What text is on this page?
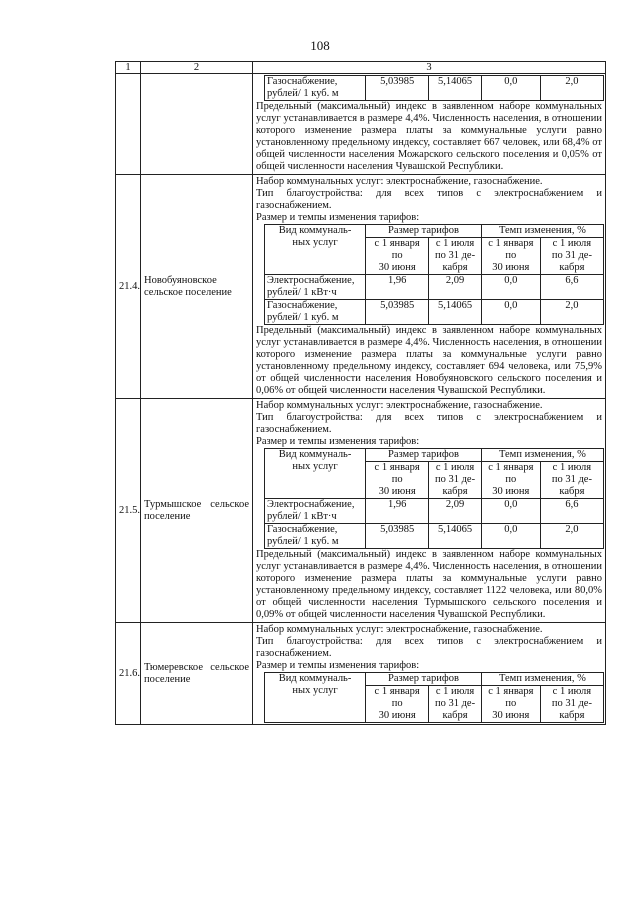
108
1	2	3

Газоснабжение,
рублей/ 1 куб. м	5,03985	5,14065	0,0	2,0

Предельный (максимальный) индекс в заявленном наборе коммунальных услуг устанавливается в размере 4,4%. Численность населения, в отношении которого изменение размера платы за коммунальные услуги равно установленному предельному индексу, составляет 667 человек, или 68,4% от общей численности населения Можарского сельского поселения и 0,05% от общей численности населения Чувашской Республики.

21.4.	Новобуяновское сельское поселение	

Набор коммунальных услуг: электроснабжение, газоснабжение.

Тип благоустройства: для всех типов с электроснабжением и газоснабжением.

Размер и темпы изменения тарифов:

Вид коммуналь-
ных услуг	Размер тарифов	Темп изменения, %
с 1 января
по
30 июня	с 1 июля
по 31 де-
кабря	с 1 января
по
30 июня	с 1 июля
по 31 де-
кабря
Электроснабжение,
рублей/ 1 кВт·ч	1,96	2,09	0,0	6,6
Газоснабжение,
рублей/ 1 куб. м	5,03985	5,14065	0,0	2,0

Предельный (максимальный) индекс в заявленном наборе коммунальных услуг устанавливается в размере 4,4%. Численность населения, в отношении которого изменение размера платы за коммунальные услуги равно установленному предельному индексу, составляет 694 человека, или 75,9% от общей численности населения Новобуяновского сельского поселения и 0,06% от общей численности населения Чувашской Республики.

21.5.	Турмышское сельское поселение	

Набор коммунальных услуг: электроснабжение, газоснабжение.

Тип благоустройства: для всех типов с электроснабжением и газоснабжением.

Размер и темпы изменения тарифов:

Вид коммуналь-
ных услуг	Размер тарифов	Темп изменения, %
с 1 января
по
30 июня	с 1 июля
по 31 де-
кабря	с 1 января
по
30 июня	с 1 июля
по 31 де-
кабря
Электроснабжение,
рублей/ 1 кВт·ч	1,96	2,09	0,0	6,6
Газоснабжение,
рублей/ 1 куб. м	5,03985	5,14065	0,0	2,0

Предельный (максимальный) индекс в заявленном наборе коммунальных услуг устанавливается в размере 4,4%. Численность населения, в отношении которого изменение размера платы за коммунальные услуги равно установленному предельному индексу, составляет 1122 человека, или 80,0% от общей численности населения Турмышского сельского поселения и 0,09% от общей численности населения Чувашской Республики.

21.6.	Тюмеревское сельское поселение	

Набор коммунальных услуг: электроснабжение, газоснабжение.

Тип благоустройства: для всех типов с электроснабжением и газоснабжением.

Размер и темпы изменения тарифов:

Вид коммуналь-
ных услуг	Размер тарифов	Темп изменения, %
с 1 января
по
30 июня	с 1 июля
по 31 де-
кабря	с 1 января
по
30 июня	с 1 июля
по 31 де-
кабря
